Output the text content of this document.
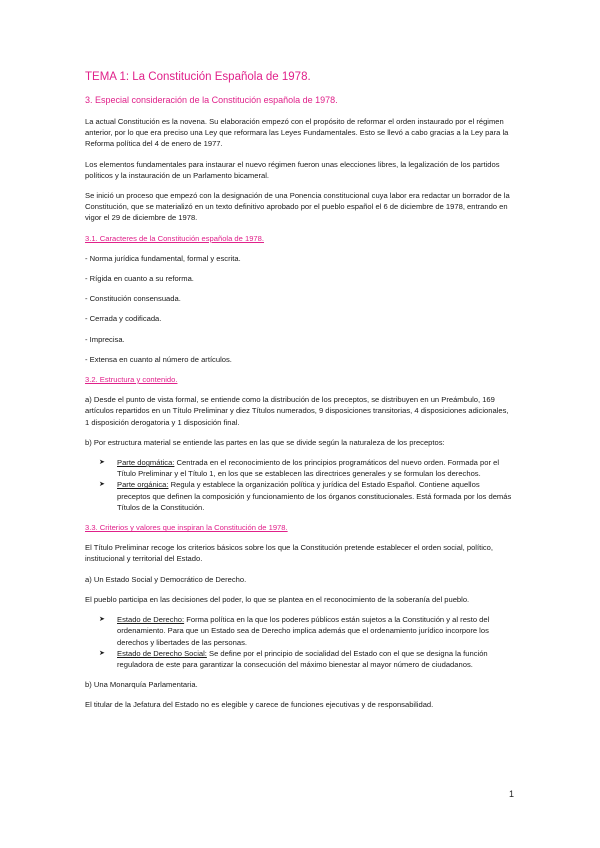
TEMA 1: La Constitución Española de 1978.
3. Especial consideración de la Constitución española de 1978.

La actual Constitución es la novena. Su elaboración empezó con el propósito de reformar el orden instaurado por el régimen anterior, por lo que era preciso una Ley que reformara las Leyes Fundamentales. Esto se llevó a cabo gracias a la Ley para la Reforma política del 4 de enero de 1977.

Los elementos fundamentales para instaurar el nuevo régimen fueron unas elecciones libres, la legalización de los partidos políticos y la instauración de un Parlamento bicameral.

Se inició un proceso que empezó con la designación de una Ponencia constitucional cuya labor era redactar un borrador de la Constitución, que se materializó en un texto definitivo aprobado por el pueblo español el 6 de diciembre de 1978, entrando en vigor el 29 de diciembre de 1978.

3.1. Caracteres de la Constitución española de 1978.
- Norma jurídica fundamental, formal y escrita.
- Rígida en cuanto a su reforma.
- Constitución consensuada.
- Cerrada y codificada.
- Imprecisa.
- Extensa en cuanto al número de artículos.
3.2. Estructura y contenido.

a) Desde el punto de vista formal, se entiende como la distribución de los preceptos, se distribuyen en un Preámbulo, 169 artículos repartidos en un Título Preliminar y diez Títulos numerados, 9 disposiciones transitorias, 4 disposiciones adicionales, 1 disposición derogatoria y 1 disposición final.

b) Por estructura material se entiende las partes en las que se divide según la naturaleza de los preceptos:

➤ Parte dogmática: Centrada en el reconocimiento de los principios programáticos del nuevo orden. Formada por el Título Preliminar y el Título 1, en los que se establecen las directrices generales y se formulan los derechos.
➤ Parte orgánica: Regula y establece la organización política y jurídica del Estado Español. Contiene aquellos preceptos que definen la composición y funcionamiento de los órganos constitucionales. Está formada por los demás Títulos de la Constitución.
3.3. Criterios y valores que inspiran la Constitución de 1978.

El Título Preliminar recoge los criterios básicos sobre los que la Constitución pretende establecer el orden social, político, institucional y territorial del Estado.

a) Un Estado Social y Democrático de Derecho.

El pueblo participa en las decisiones del poder, lo que se plantea en el reconocimiento de la soberanía del pueblo.

➤ Estado de Derecho: Forma política en la que los poderes públicos están sujetos a la Constitución y al resto del ordenamiento. Para que un Estado sea de Derecho implica además que el ordenamiento jurídico incorpore los derechos y libertades de las personas.
➤ Estado de Derecho Social: Se define por el principio de socialidad del Estado con el que se designa la función reguladora de este para garantizar la consecución del máximo bienestar al mayor número de ciudadanos.

b) Una Monarquía Parlamentaria.

El titular de la Jefatura del Estado no es elegible y carece de funciones ejecutivas y de responsabilidad.

1
